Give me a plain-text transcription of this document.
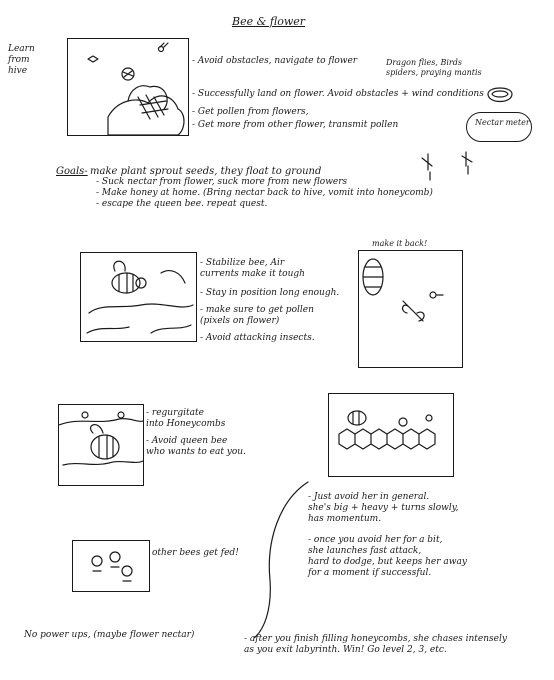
Bee & flower
Learn
from
hive
- Avoid obstacles, navigate to flower
- Successfully land on flower. Avoid obstacles + wind conditions
- Get pollen from flowers,
- Get more from other flower, transmit pollen
Dragon flies, Birds
spiders, praying mantis
Nectar meter
Goals- make plant sprout seeds, they float to ground
- Suck nectar from flower, suck more from new flowers
- Make honey at home. (Bring nectar back to hive, vomit into honeycomb)
- escape the queen bee. repeat quest.
- Stabilize bee, Air
currents make it tough
- Stay in position long enough.
- make sure to get pollen
(pixels on flower)
- Avoid attacking insects.
make it back!
- regurgitate
into Honeycombs
- Avoid queen bee
who wants to eat you.
- Just avoid her in general.
she's big + heavy + turns slowly,
has momentum.
- once you avoid her for a bit,
she launches fast attack,
hard to dodge, but keeps her away
for a moment if successful.
other bees get fed!
No power ups, (maybe flower nectar)	- after you finish filling honeycombs, she chases intensely
as you exit labyrinth. Win! Go level 2, 3, etc.
